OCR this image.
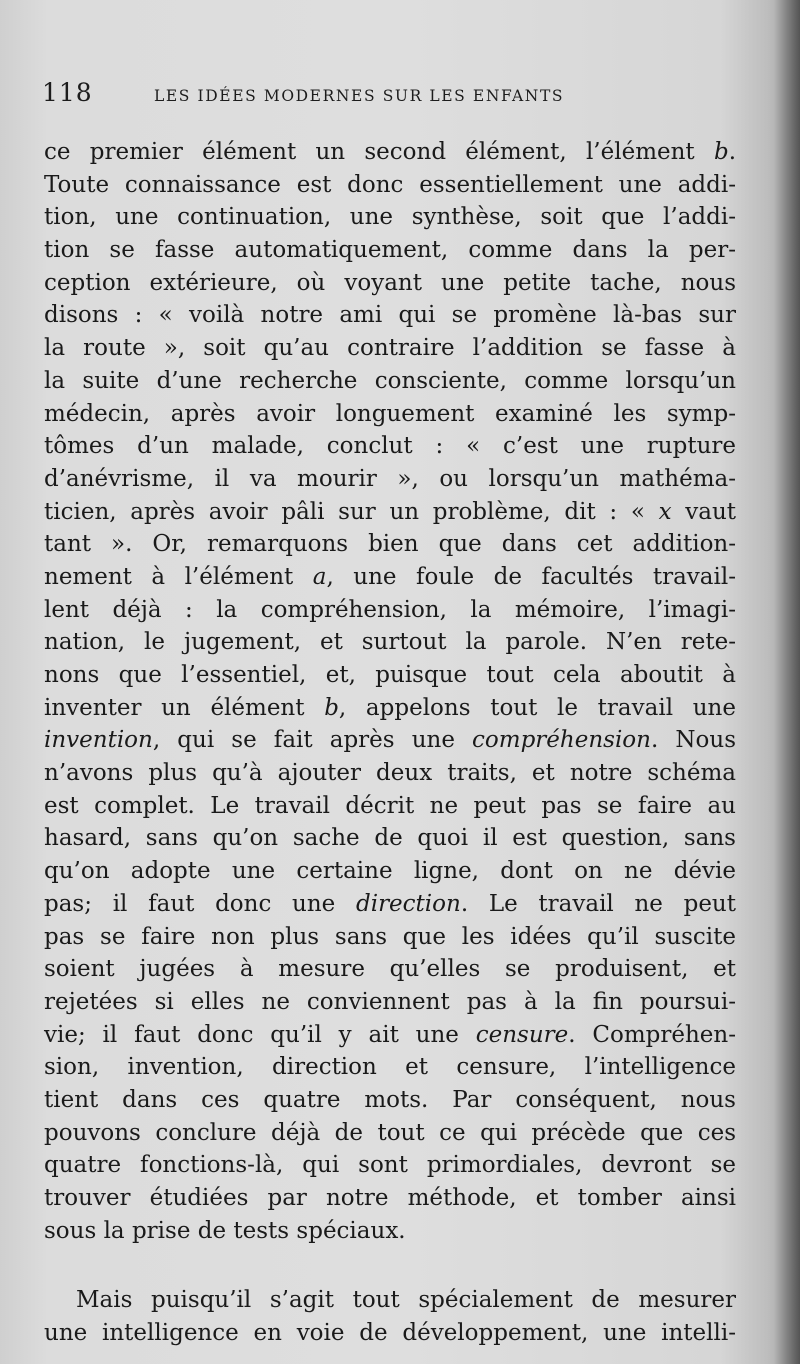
118	LES IDÉES MODERNES SUR LES ENFANTS
ce premier élément un second élément, l’élément b.
Toute connaissance est donc essentiellement une addi-
tion, une continuation, une synthèse, soit que l’addi-
tion se fasse automatiquement, comme dans la per-
ception extérieure, où voyant une petite tache, nous
disons : « voilà notre ami qui se promène là-bas sur
la route », soit qu’au contraire l’addition se fasse à
la suite d’une recherche consciente, comme lorsqu’un
médecin, après avoir longuement examiné les symp-
tômes d’un malade, conclut : « c’est une rupture
d’anévrisme, il va mourir », ou lorsqu’un mathéma-
ticien, après avoir pâli sur un problème, dit : « x vaut
tant ». Or, remarquons bien que dans cet addition-
nement à l’élément a, une foule de facultés travail-
lent déjà : la compréhension, la mémoire, l’imagi-
nation, le jugement, et surtout la parole. N’en rete-
nons que l’essentiel, et, puisque tout cela aboutit à
inventer un élément b, appelons tout le travail une
invention, qui se fait après une compréhension. Nous
n’avons plus qu’à ajouter deux traits, et notre schéma
est complet. Le travail décrit ne peut pas se faire au
hasard, sans qu’on sache de quoi il est question, sans
qu’on adopte une certaine ligne, dont on ne dévie
pas; il faut donc une direction. Le travail ne peut
pas se faire non plus sans que les idées qu’il suscite
soient jugées à mesure qu’elles se produisent, et
rejetées si elles ne conviennent pas à la fin poursui-
vie; il faut donc qu’il y ait une censure. Compréhen-
sion, invention, direction et censure, l’intelligence
tient dans ces quatre mots. Par conséquent, nous
pouvons conclure déjà de tout ce qui précède que ces
quatre fonctions-là, qui sont primordiales, devront se
trouver étudiées par notre méthode, et tomber ainsi
sous la prise de tests spéciaux.
Mais puisqu’il s’agit tout spécialement de mesurer
une intelligence en voie de développement, une intelli-
